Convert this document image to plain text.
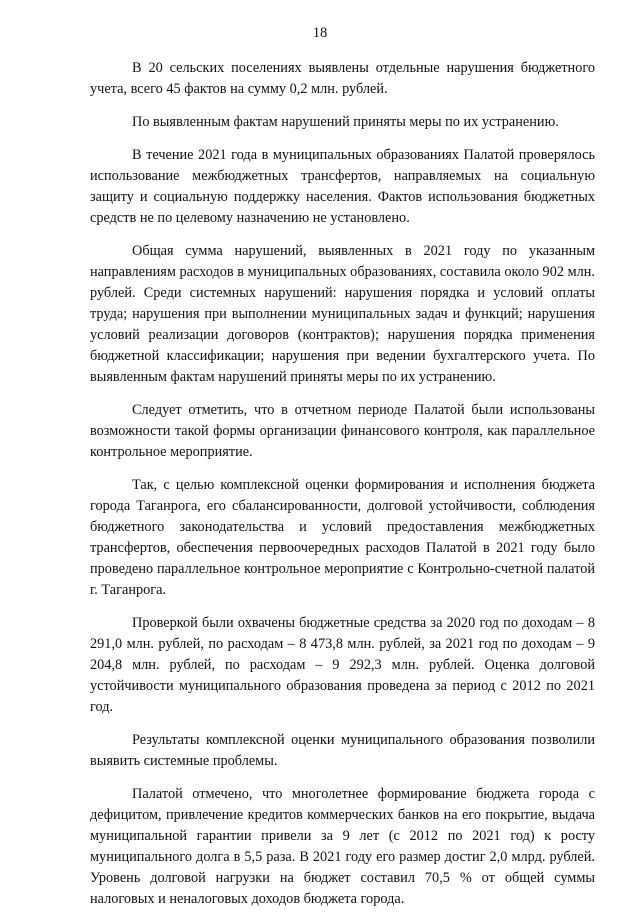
18

В 20 сельских поселениях выявлены отдельные нарушения бюджетного учета, всего 45 фактов на сумму 0,2 млн. рублей.

По выявленным фактам нарушений приняты меры по их устранению.

В течение 2021 года в муниципальных образованиях Палатой проверялось использование межбюджетных трансфертов, направляемых на социальную защиту и социальную поддержку населения. Фактов использования бюджетных средств не по целевому назначению не установлено.

Общая сумма нарушений, выявленных в 2021 году по указанным направлениям расходов в муниципальных образованиях, составила около 902 млн. рублей. Среди системных нарушений: нарушения порядка и условий оплаты труда; нарушения при выполнении муниципальных задач и функций; нарушения условий реализации договоров (контрактов); нарушения порядка применения бюджетной классификации; нарушения при ведении бухгалтерского учета. По выявленным фактам нарушений приняты меры по их устранению.

Следует отметить, что в отчетном периоде Палатой были использованы возможности такой формы организации финансового контроля, как параллельное контрольное мероприятие.

Так, с целью комплексной оценки формирования и исполнения бюджета города Таганрога, его сбалансированности, долговой устойчивости, соблюдения бюджетного законодательства и условий предоставления межбюджетных трансфертов, обеспечения первоочередных расходов Палатой в 2021 году было проведено параллельное контрольное мероприятие с Контрольно-счетной палатой г. Таганрога.

Проверкой были охвачены бюджетные средства за 2020 год по доходам – 8 291,0 млн. рублей, по расходам – 8 473,8 млн. рублей, за 2021 год по доходам – 9 204,8 млн. рублей, по расходам – 9 292,3 млн. рублей. Оценка долговой устойчивости муниципального образования проведена за период с 2012 по 2021 год.

Результаты комплексной оценки муниципального образования позволили выявить системные проблемы.

Палатой отмечено, что многолетнее формирование бюджета города с дефицитом, привлечение кредитов коммерческих банков на его покрытие, выдача муниципальной гарантии привели за 9 лет (с 2012 по 2021 год) к росту муниципального долга в 5,5 раза. В 2021 году его размер достиг 2,0 млрд. рублей. Уровень долговой нагрузки на бюджет составил 70,5 % от общей суммы налоговых и неналоговых доходов бюджета города.
